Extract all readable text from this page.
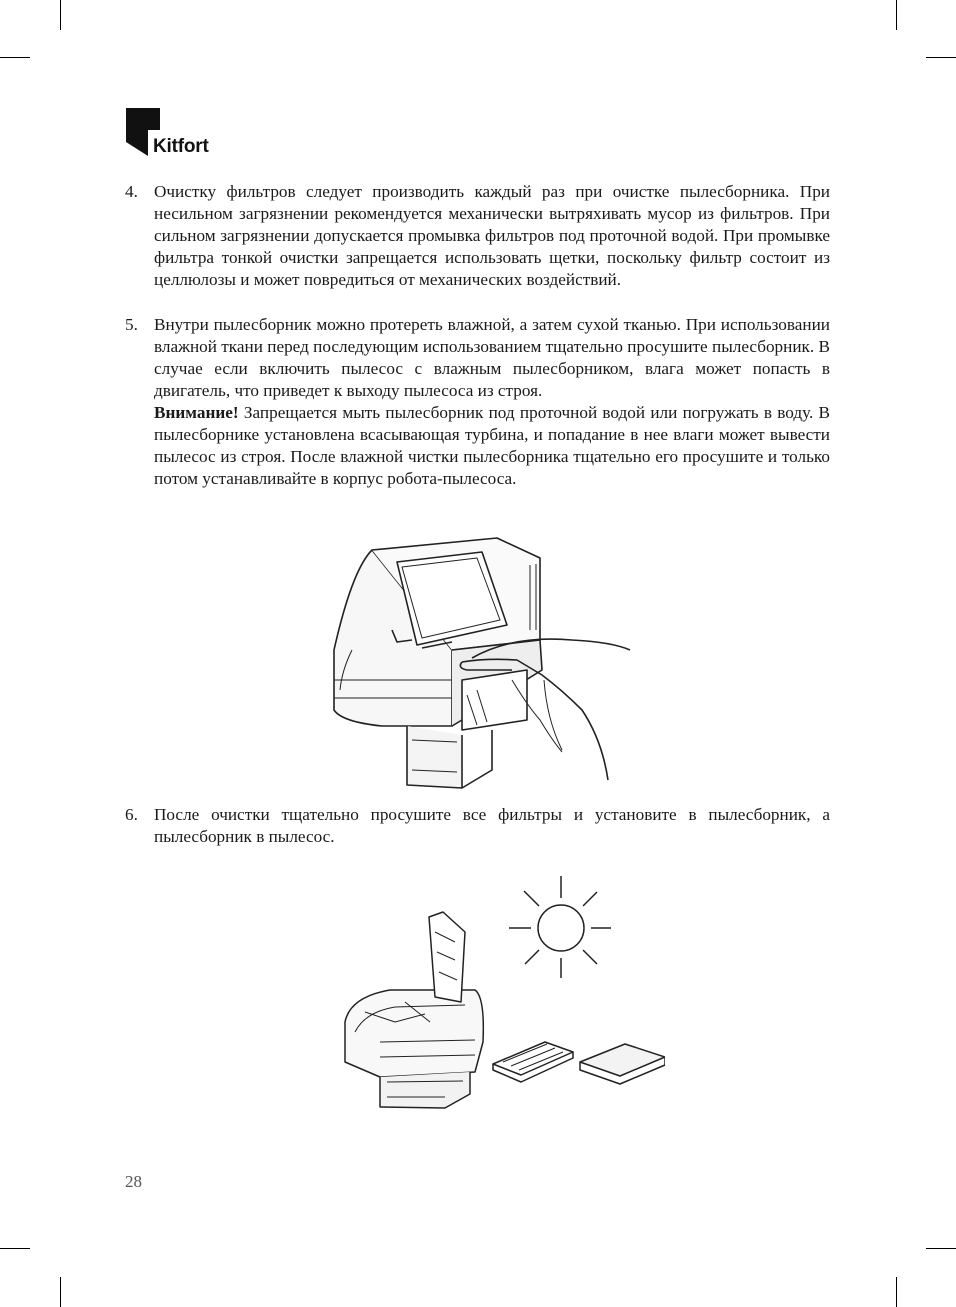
Kitfort
4. Очистку фильтров следует производить каждый раз при очистке пылесборника. При несильном загрязнении рекомендуется механически вытряхивать мусор из фильтров. При сильном загрязнении допускается промывка фильтров под проточной водой. При промывке фильтра тонкой очистки запрещается использовать щетки, поскольку фильтр состоит из целлюлозы и может повредиться от механических воздействий.

5. Внутри пылесборник можно протереть влажной, а затем сухой тканью. При использовании влажной ткани перед последующим использованием тщательно просушите пылесборник. В случае если включить пылесос с влажным пылесборником, влага может попасть в двигатель, что приведет к выходу пылесоса из строя.

Внимание! Запрещается мыть пылесборник под проточной водой или погружать в воду. В пылесборнике установлена всасывающая турбина, и попадание в нее влаги может вывести пылесос из строя. После влажной чистки пылесборника тщательно его просушите и только потом устанавливайте в корпус робота-пылесоса.

6. После очистки тщательно просушите все фильтры и установите в пылесборник, а пылесборник в пылесос.

28
